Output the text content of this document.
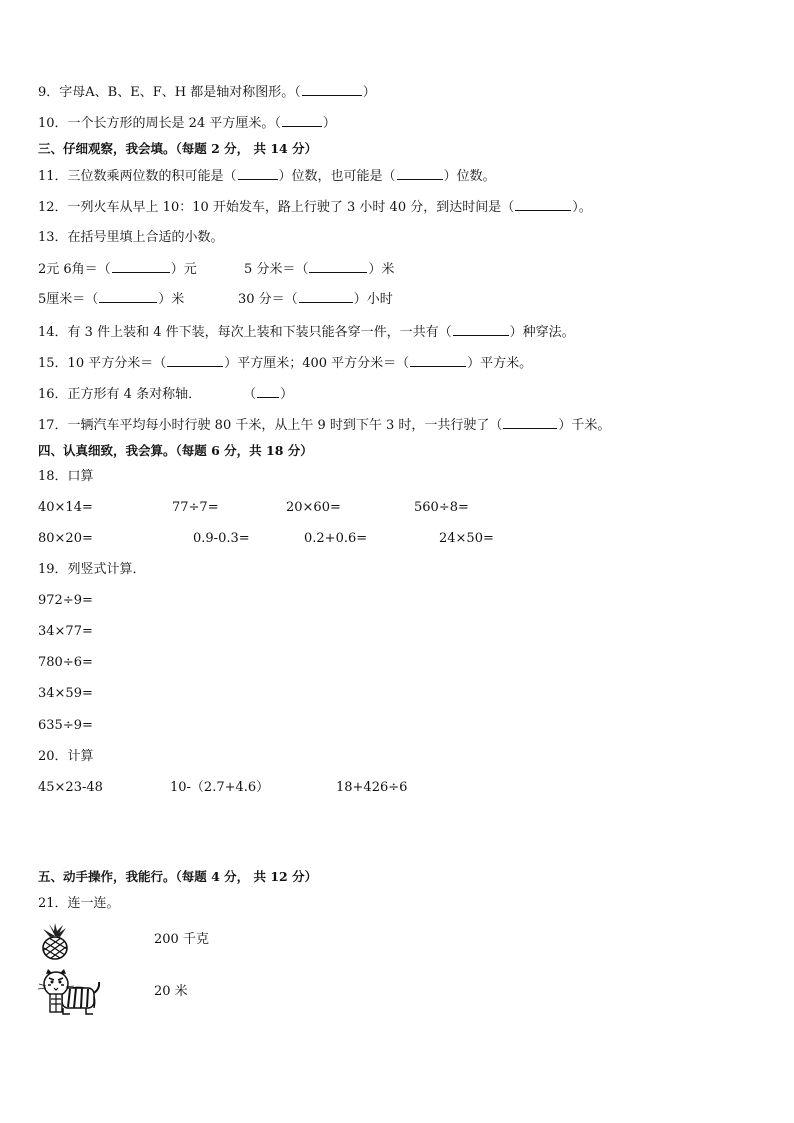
9．字母A、B、E、F、H 都是轴对称图形。（	）
10．一个长方形的周长是 24 平方厘米。（	）
三、仔细观察，我会填。（每题 2 分， 共 14 分）
11．三位数乘两位数的积可能是（	）位数，也可能是（	）位数。
12．一列火车从早上 10：10 开始发车，路上行驶了 3 小时 40 分，到达时间是（	）。
13．在括号里填上合适的小数。
2元 6角＝（	）元	5 分米＝（	）米
5厘米＝（	）米	30 分＝（	）小时
14．有 3 件上装和 4 件下装，每次上装和下装只能各穿一件，一共有（	）种穿法。
15．10 平方分米＝（	）平方厘米；400 平方分米＝（	）平方米。
16．正方形有 4 条对称轴．	（ ）
17．一辆汽车平均每小时行驶 80 千米，从上午 9 时到下午 3 时，一共行驶了（	）千米。
四、认真细致，我会算。（每题 6 分，共 18 分）
18．口算
40×14=	77÷7=	20×60=	560÷8=
80×20=	0.9-0.3=	0.2+0.6=	24×50=
19．列竖式计算．
972÷9=
34×77=
780÷6=
34×59=
635÷9=
20．计算
45×23-48	10-（2.7+4.6）	18+426÷6
五、动手操作，我能行。（每题 4 分， 共 12 分）
21．连一连。
200 千克
20 米
